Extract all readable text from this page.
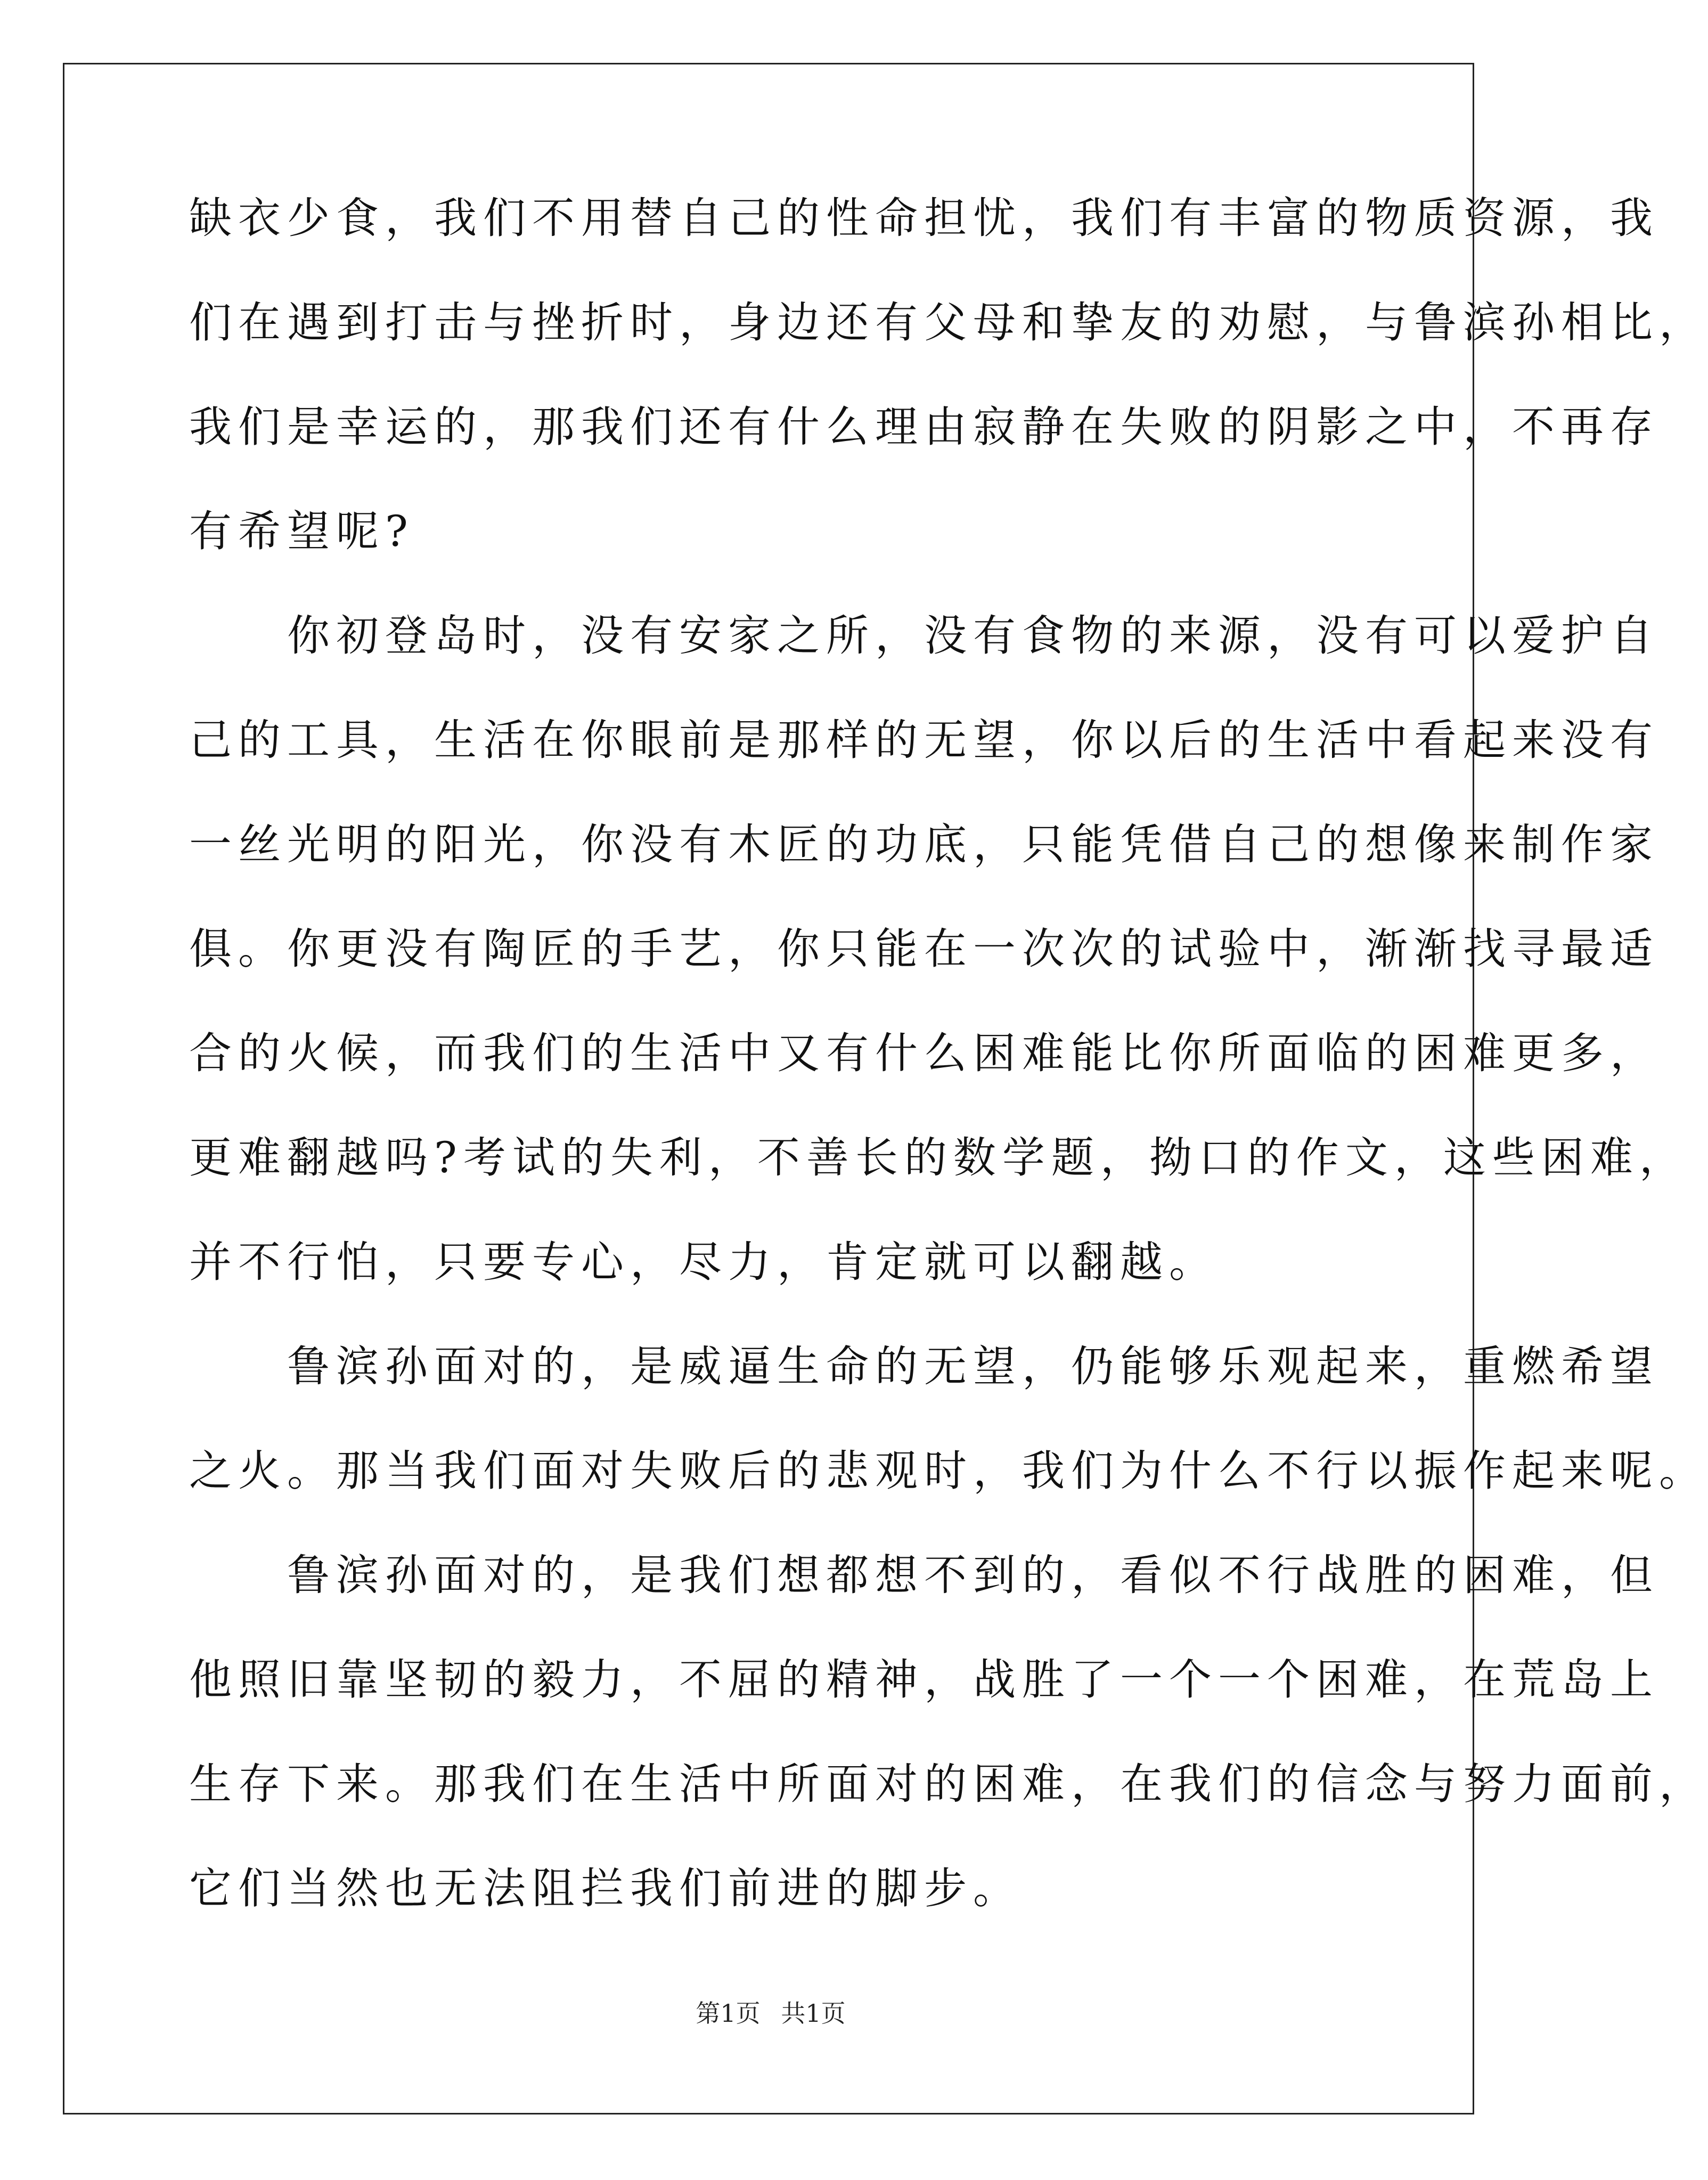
缺衣少食，我们不用替自己的性命担忧，我们有丰富的物质资源，我
们在遇到打击与挫折时，身边还有父母和挚友的劝慰，与鲁滨孙相比，
我们是幸运的，那我们还有什么理由寂静在失败的阴影之中，不再存
有希望呢?
　　你初登岛时，没有安家之所，没有食物的来源，没有可以爱护自
己的工具，生活在你眼前是那样的无望，你以后的生活中看起来没有
一丝光明的阳光，你没有木匠的功底，只能凭借自己的想像来制作家
俱。你更没有陶匠的手艺，你只能在一次次的试验中，渐渐找寻最适
合的火候，而我们的生活中又有什么困难能比你所面临的困难更多，
更难翻越吗?考试的失利，不善长的数学题，拗口的作文，这些困难，
并不行怕，只要专心，尽力，肯定就可以翻越。
　　鲁滨孙面对的，是威逼生命的无望，仍能够乐观起来，重燃希望
之火。那当我们面对失败后的悲观时，我们为什么不行以振作起来呢。
　　鲁滨孙面对的，是我们想都想不到的，看似不行战胜的困难，但
他照旧靠坚韧的毅力，不屈的精神，战胜了一个一个困难，在荒岛上
生存下来。那我们在生活中所面对的困难，在我们的信念与努力面前，
它们当然也无法阻拦我们前进的脚步。
第1页 共1页
